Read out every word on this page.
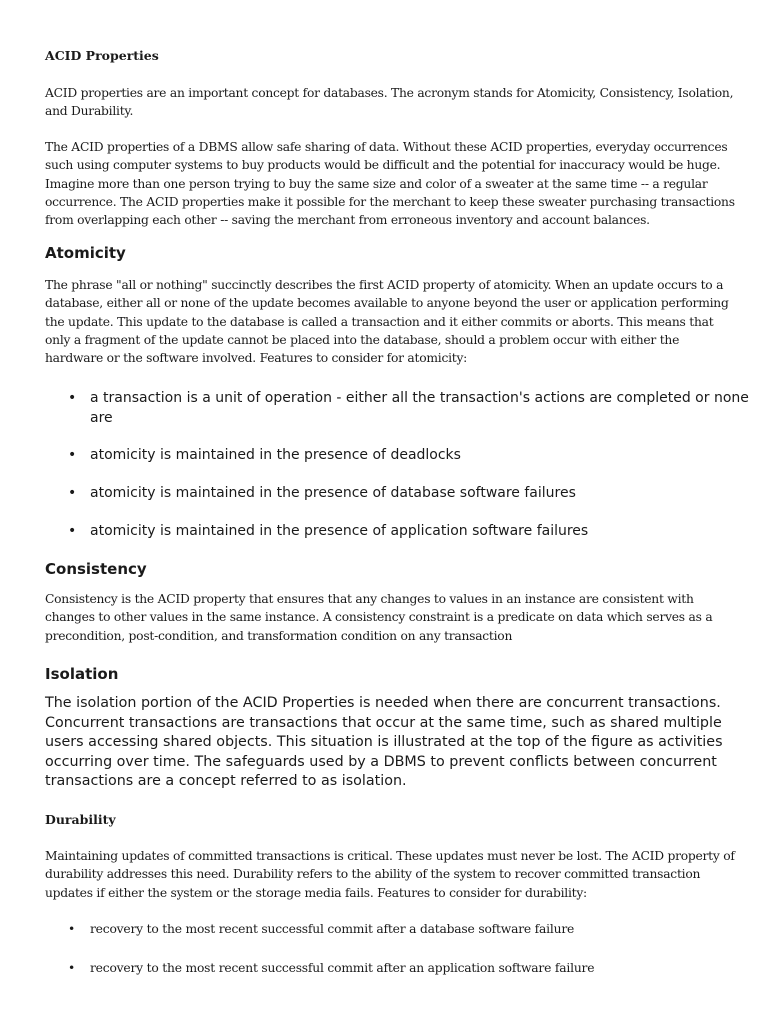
ACID Properties

ACID properties are an important concept for databases. The acronym stands for Atomicity, Consistency, Isolation, and Durability.

The ACID properties of a DBMS allow safe sharing of data. Without these ACID properties, everyday occurrences such using computer systems to buy products would be difficult and the potential for inaccuracy would be huge. Imagine more than one person trying to buy the same size and color of a sweater at the same time -- a regular occurrence. The ACID properties make it possible for the merchant to keep these sweater purchasing transactions from overlapping each other -- saving the merchant from erroneous inventory and account balances.

Atomicity

The phrase "all or nothing" succinctly describes the first ACID property of atomicity. When an update occurs to a database, either all or none of the update becomes available to anyone beyond the user or application performing the update. This update to the database is called a transaction and it either commits or aborts. This means that only a fragment of the update cannot be placed into the database, should a problem occur with either the hardware or the software involved. Features to consider for atomicity:

• a transaction is a unit of operation - either all the transaction's actions are completed or none are
• atomicity is maintained in the presence of deadlocks
• atomicity is maintained in the presence of database software failures
• atomicity is maintained in the presence of application software failures
Consistency

Consistency is the ACID property that ensures that any changes to values in an instance are consistent with changes to other values in the same instance. A consistency constraint is a predicate on data which serves as a precondition, post-condition, and transformation condition on any transaction

Isolation

The isolation portion of the ACID Properties is needed when there are concurrent transactions. Concurrent transactions are transactions that occur at the same time, such as shared multiple users accessing shared objects. This situation is illustrated at the top of the figure as activities occurring over time. The safeguards used by a DBMS to prevent conflicts between concurrent transactions are a concept referred to as isolation.

Durability

Maintaining updates of committed transactions is critical. These updates must never be lost. The ACID property of durability addresses this need. Durability refers to the ability of the system to recover committed transaction updates if either the system or the storage media fails. Features to consider for durability:

• recovery to the most recent successful commit after a database software failure
• recovery to the most recent successful commit after an application software failure
